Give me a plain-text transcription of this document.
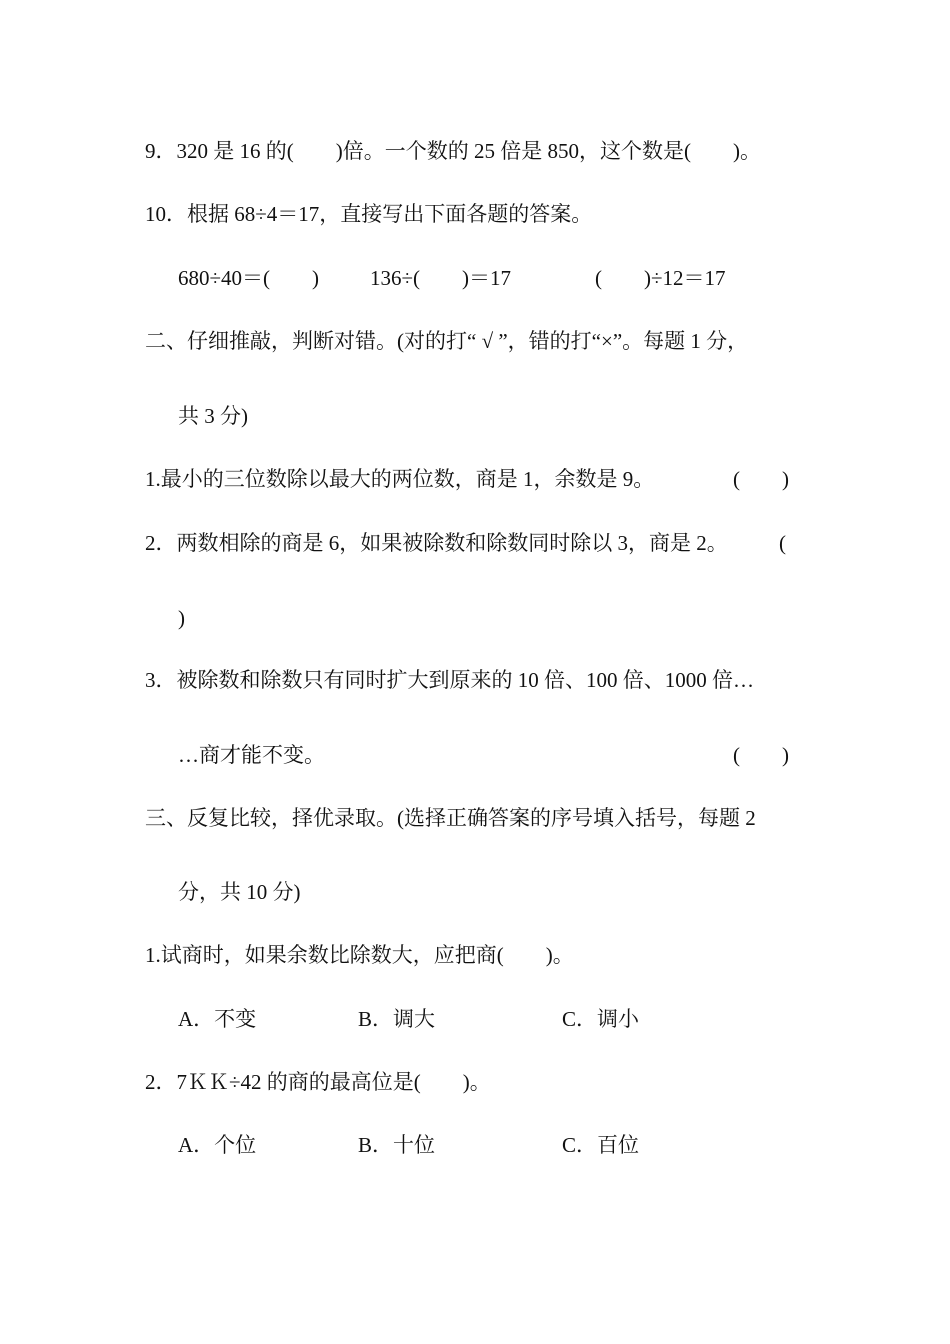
9．320 是 16 的(　　)倍。一个数的 25 倍是 850，这个数是(　　)。
10．根据 68÷4＝17，直接写出下面各题的答案。
680÷40＝(　　) 136÷(　　)＝17	(　　)÷12＝17
二、仔细推敲，判断对错。(对的打“ √ ”，错的打“×”。每题 1 分，
共 3 分)
1.最小的三位数除以最大的两位数，商是 1，余数是 9。	(　　)
2．两数相除的商是 6，如果被除数和除数同时除以 3，商是 2。 (
)
3．被除数和除数只有同时扩大到原来的 10 倍、100 倍、1000 倍…
…商才能不变。	(　　)
三、反复比较，择优录取。(选择正确答案的序号填入括号，每题 2
分，共 10 分)
1.试商时，如果余数比除数大，应把商(　　)。
A．不变	B．调大	C．调小
2．7ＫＫ÷42 的商的最高位是(　　)。
A．个位	B．十位	C．百位
